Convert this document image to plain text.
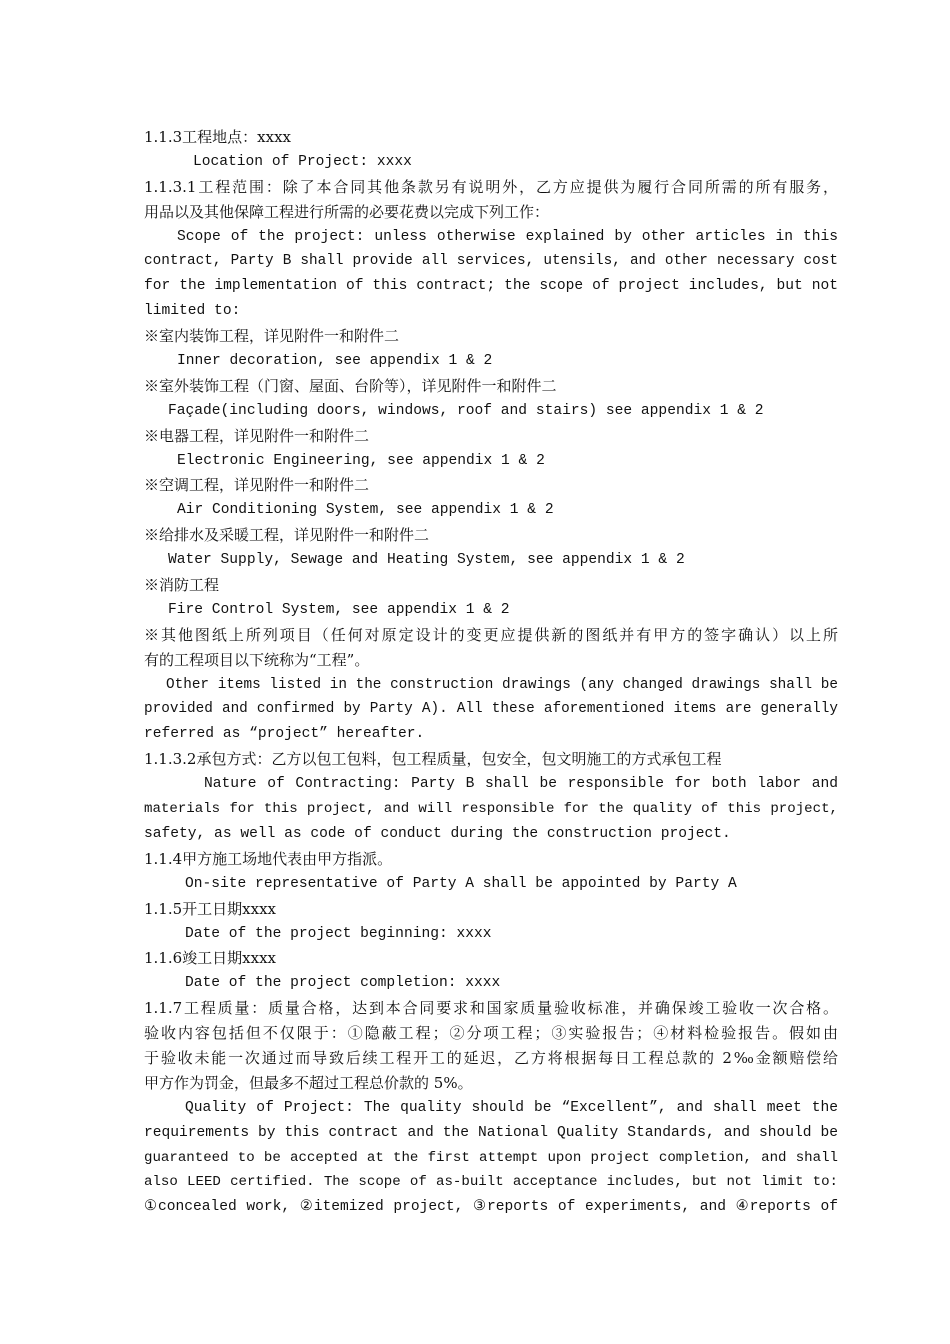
1.1.3工程地点：xxxx
Location of Project: xxxx
1.1.3.1工程范围：除了本合同其他条款另有说明外，乙方应提供为履行合同所需的所有服务，
用品以及其他保障工程进行所需的必要花费以完成下列工作：
Scope of the project: unless otherwise explained by other articles in this
contract, Party B shall provide all services, utensils, and other necessary cost
for the implementation of this contract; the scope of project includes, but not
limited to:
※室内装饰工程，详见附件一和附件二
Inner decoration, see appendix 1 & 2
※室外装饰工程（门窗、屋面、台阶等），详见附件一和附件二
Façade(including doors, windows, roof and stairs) see appendix 1 & 2
※电器工程，详见附件一和附件二
Electronic Engineering, see appendix 1 & 2
※空调工程，详见附件一和附件二
Air Conditioning System, see appendix 1 & 2
※给排水及采暖工程，详见附件一和附件二
Water Supply, Sewage and Heating System, see appendix 1 & 2
※消防工程
Fire Control System, see appendix 1 & 2
※其他图纸上所列项目（任何对原定设计的变更应提供新的图纸并有甲方的签字确认）以上所
有的工程项目以下统称为“工程”。
Other items listed in the construction drawings (any changed drawings shall be
provided and confirmed by Party A). All these aforementioned items are generally
referred as “project” hereafter.
1.1.3.2承包方式：乙方以包工包料，包工程质量，包安全，包文明施工的方式承包工程
Nature of Contracting: Party B shall be responsible for both labor and
materials for this project, and will responsible for the quality of this project,
safety, as well as code of conduct during the construction project.
1.1.4甲方施工场地代表由甲方指派。
On-site representative of Party A shall be appointed by Party A
1.1.5开工日期xxxx
Date of the project beginning: xxxx
1.1.6竣工日期xxxx
Date of the project completion: xxxx
1.1.7工程质量：质量合格，达到本合同要求和国家质量验收标准，并确保竣工验收一次合格。
验收内容包括但不仅限于：①隐蔽工程；②分项工程；③实验报告；④材料检验报告。假如由
于验收未能一次通过而导致后续工程开工的延迟，乙方将根据每日工程总款的 2‰金额赔偿给
甲方作为罚金，但最多不超过工程总价款的 5%。
Quality of Project: The quality should be “Excellent”, and shall meet the
requirements by this contract and the National Quality Standards, and should be
guaranteed to be accepted at the first attempt upon project completion, and shall
also LEED certified. The scope of as-built acceptance includes, but not limit to:
①concealed work, ②itemized project, ③reports of experiments, and ④reports of
